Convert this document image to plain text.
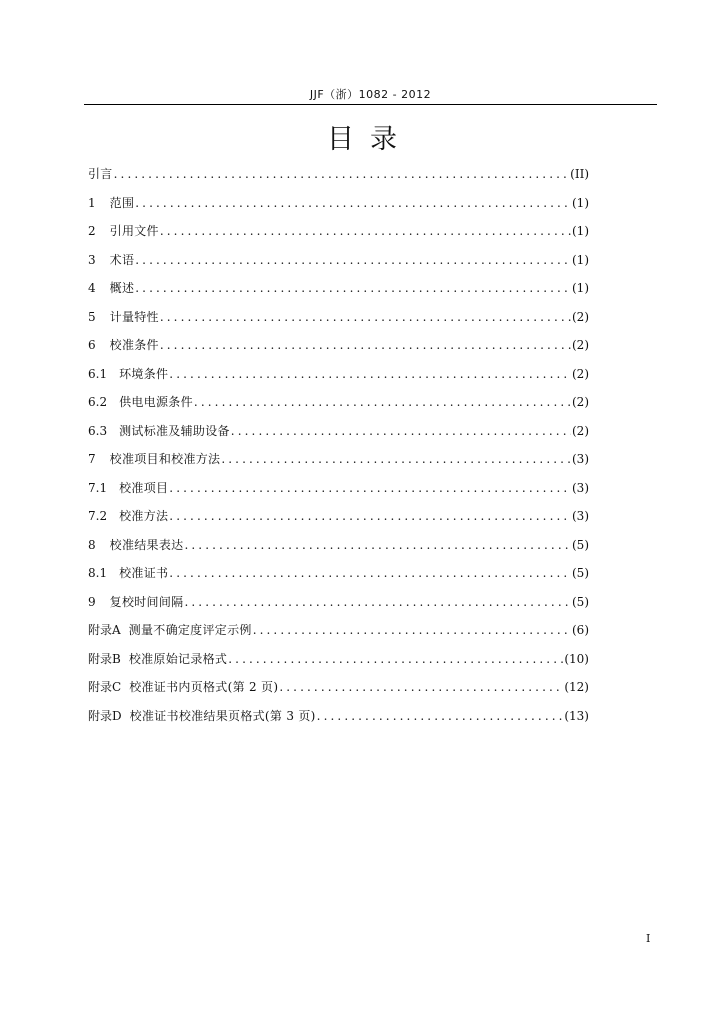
JJF（浙）1082 - 2012
目录
引言 .....	(II)
1 范围 .....	(1)
2 引用文件 .....	(1)
3 术语 .....	(1)
4 概述 .....	(1)
5 计量特性 .....	(2)
6 校准条件 .....	(2)
6.1 环境条件 .....	(2)
6.2 供电电源条件 .....	(2)
6.3 测试标准及辅助设备 .....	(2)
7 校准项目和校准方法 .....	(3)
7.1 校准项目 .....	(3)
7.2 校准方法 .....	(3)
8 校准结果表达 .....	(5)
8.1 校准证书 .....	(5)
9 复校时间间隔 .....	(5)
附录A 测量不确定度评定示例 .....	(6)
附录B 校准原始记录格式 .....	(10)
附录C 校准证书内页格式(第 2 页) .....	(12)
附录D 校准证书校准结果页格式(第 3 页) .....	(13)
I
